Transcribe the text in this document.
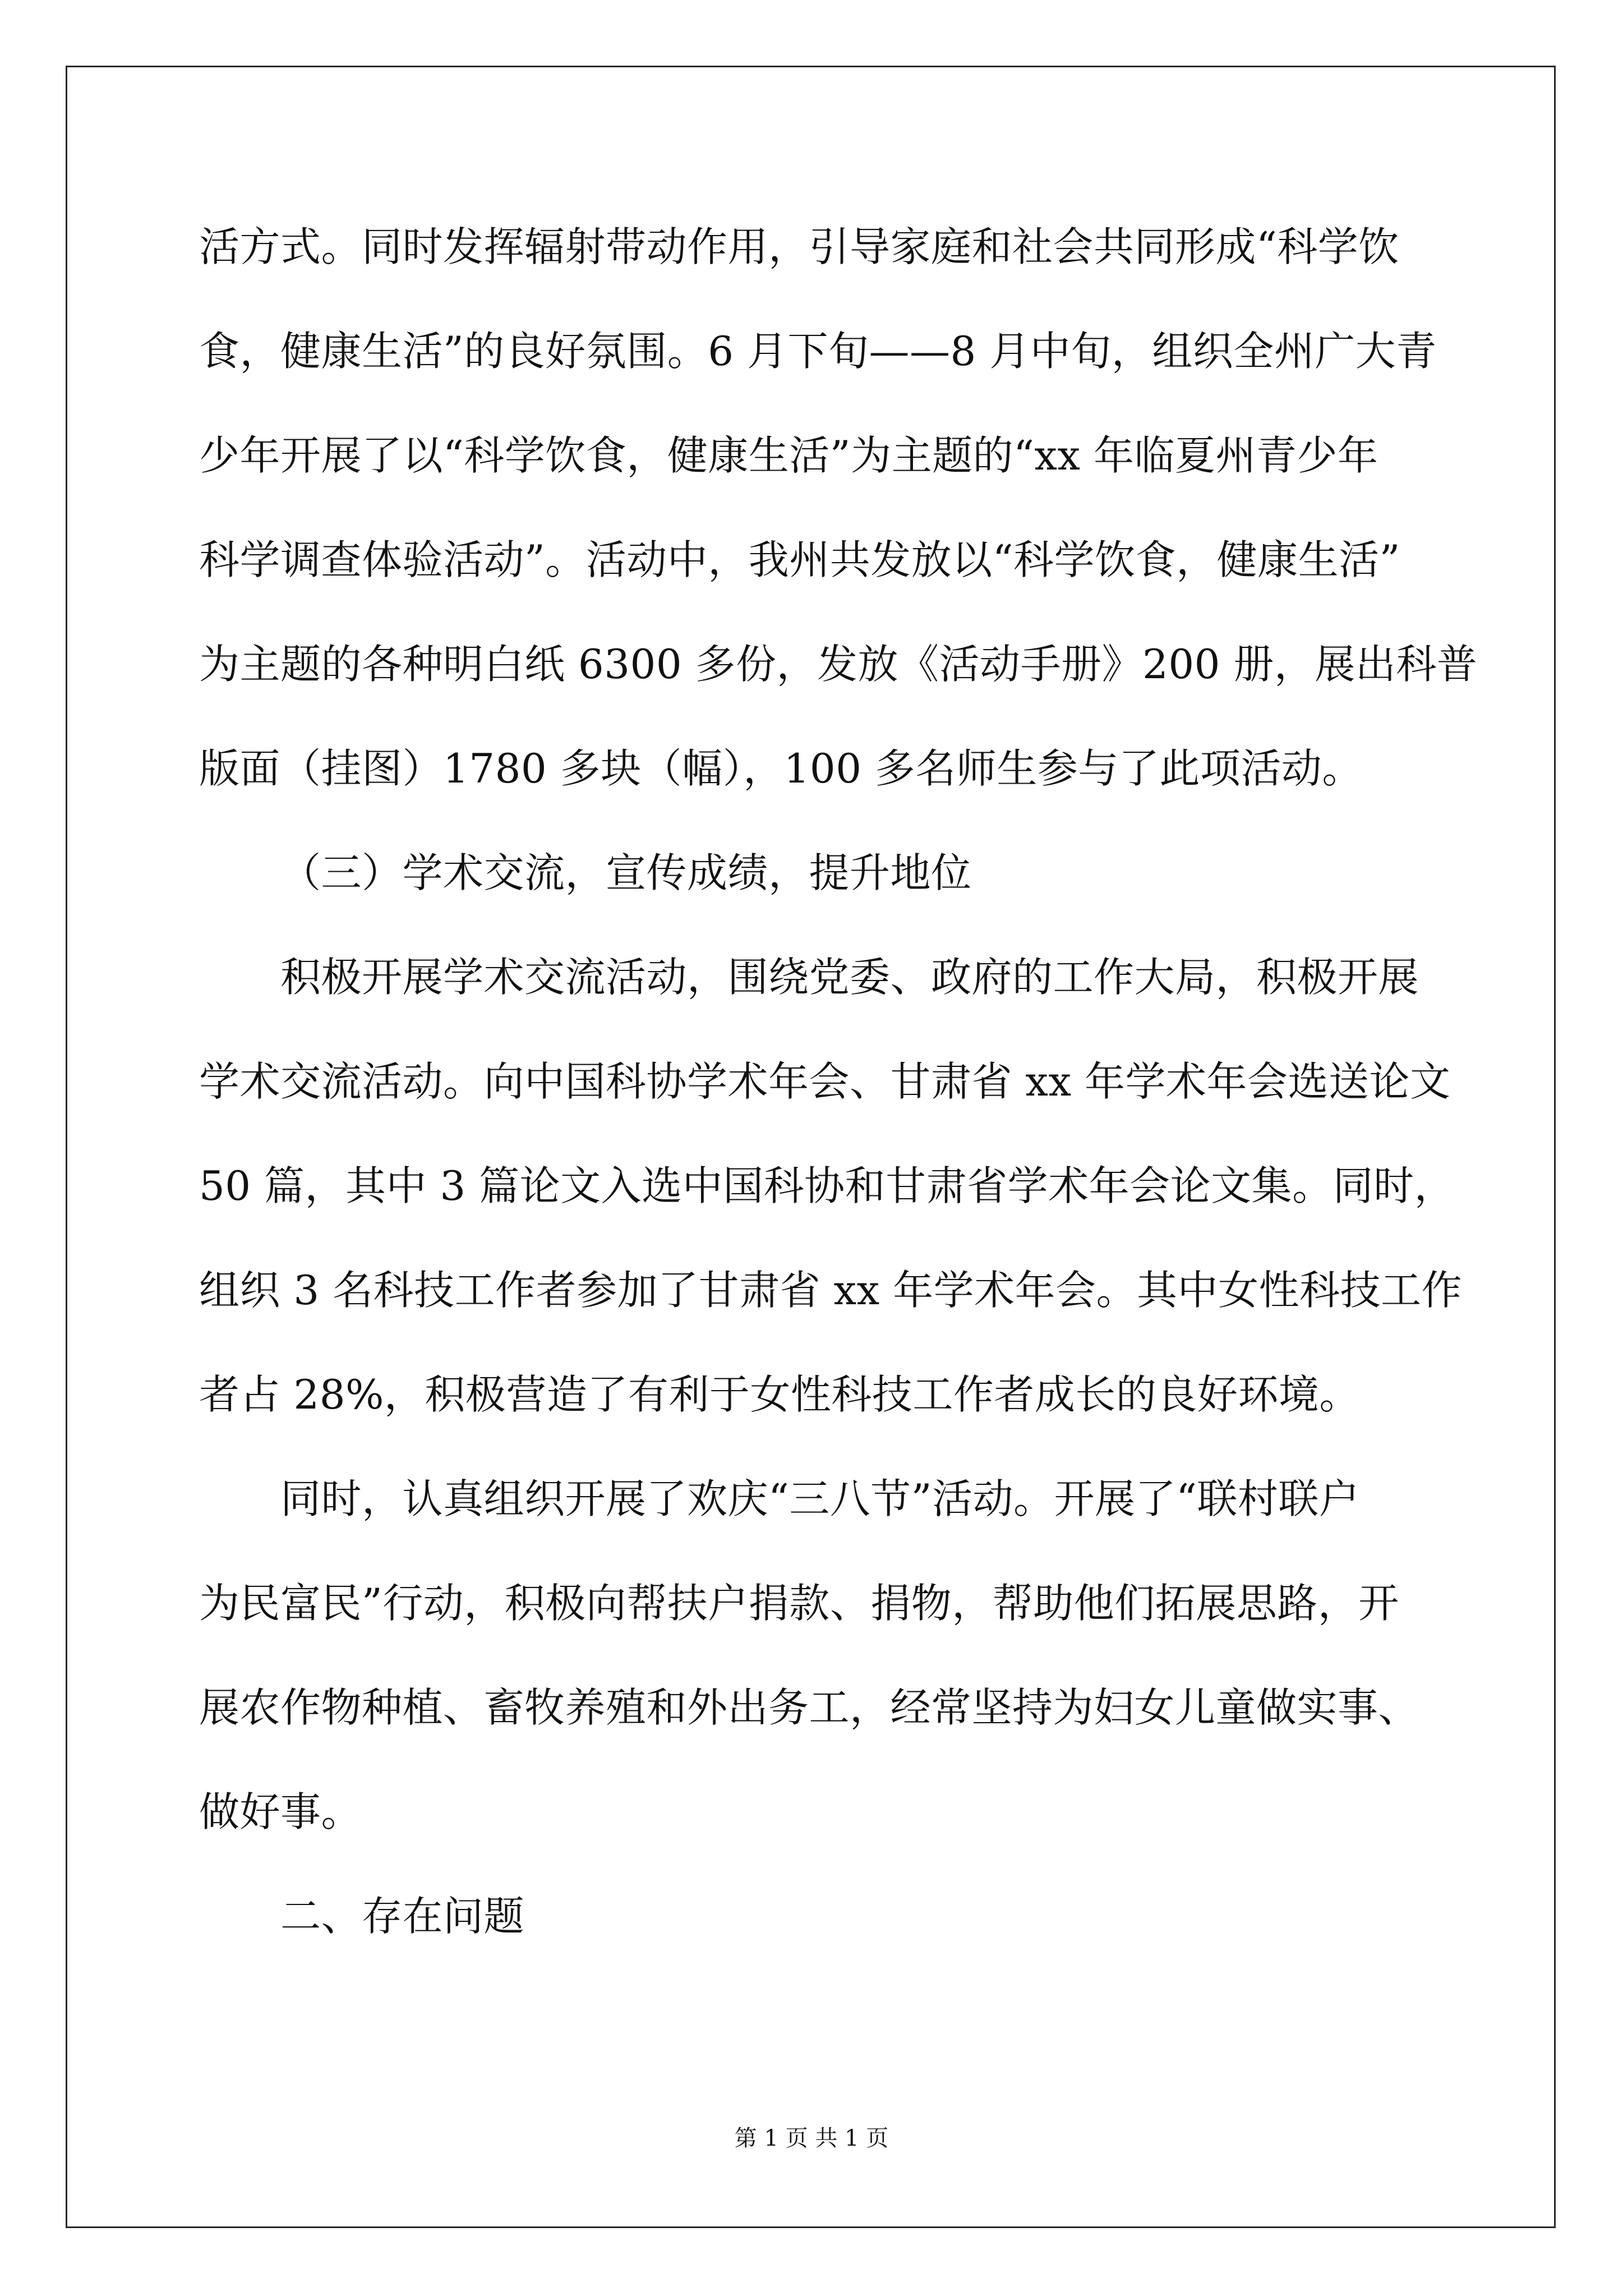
活方式。同时发挥辐射带动作用，引导家庭和社会共同形成“科学饮
食，健康生活”的良好氛围。6 月下旬——8 月中旬，组织全州广大青
少年开展了以“科学饮食，健康生活”为主题的“xx 年临夏州青少年
科学调查体验活动”。活动中，我州共发放以“科学饮食，健康生活”
为主题的各种明白纸 6300 多份，发放《活动手册》200 册，展出科普
版面（挂图）1780 多块（幅），100 多名师生参与了此项活动。
（三）学术交流，宣传成绩，提升地位
积极开展学术交流活动，围绕党委、政府的工作大局，积极开展
学术交流活动。向中国科协学术年会、甘肃省 xx 年学术年会选送论文
50 篇，其中 3 篇论文入选中国科协和甘肃省学术年会论文集。同时，
组织 3 名科技工作者参加了甘肃省 xx 年学术年会。其中女性科技工作
者占 28%，积极营造了有利于女性科技工作者成长的良好环境。
同时，认真组织开展了欢庆“三八节”活动。开展了“联村联户
为民富民”行动，积极向帮扶户捐款、捐物，帮助他们拓展思路，开
展农作物种植、畜牧养殖和外出务工，经常坚持为妇女儿童做实事、
做好事。
二、存在问题
第 1 页 共 1 页
